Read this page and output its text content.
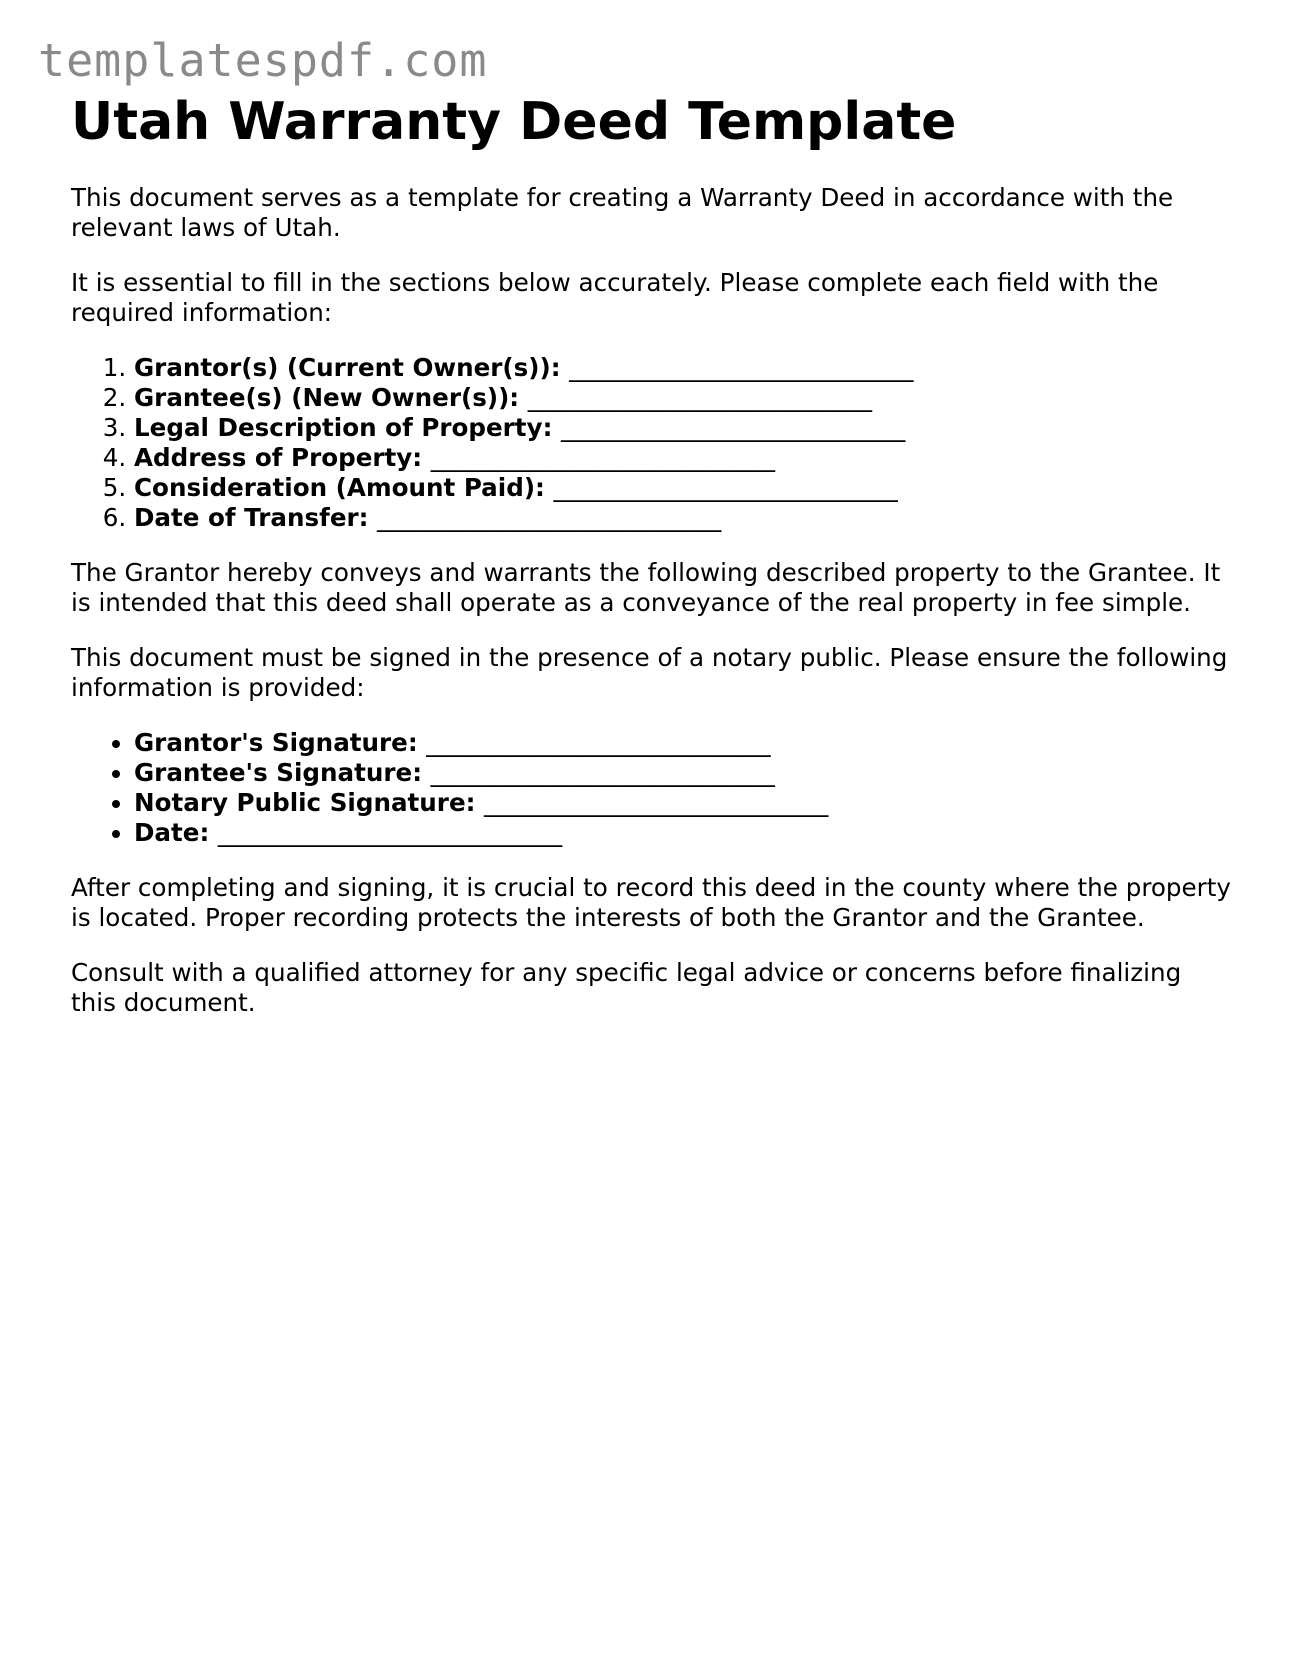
templatespdf.com
Utah Warranty Deed Template

This document serves as a template for creating a Warranty Deed in accordance with the relevant laws of Utah.

It is essential to fill in the sections below accurately. Please complete each field with the required information:

1. Grantor(s) (Current Owner(s)): ____________________________
2. Grantee(s) (New Owner(s)): ____________________________
3. Legal Description of Property: ____________________________
4. Address of Property: ____________________________
5. Consideration (Amount Paid): ____________________________
6. Date of Transfer: ____________________________

The Grantor hereby conveys and warrants the following described property to the Grantee. It is intended that this deed shall operate as a conveyance of the real property in fee simple.

This document must be signed in the presence of a notary public. Please ensure the following information is provided:

• Grantor's Signature: ____________________________
• Grantee's Signature: ____________________________
• Notary Public Signature: ____________________________
• Date: ____________________________

After completing and signing, it is crucial to record this deed in the county where the property is located. Proper recording protects the interests of both the Grantor and the Grantee.

Consult with a qualified attorney for any specific legal advice or concerns before finalizing this document.
